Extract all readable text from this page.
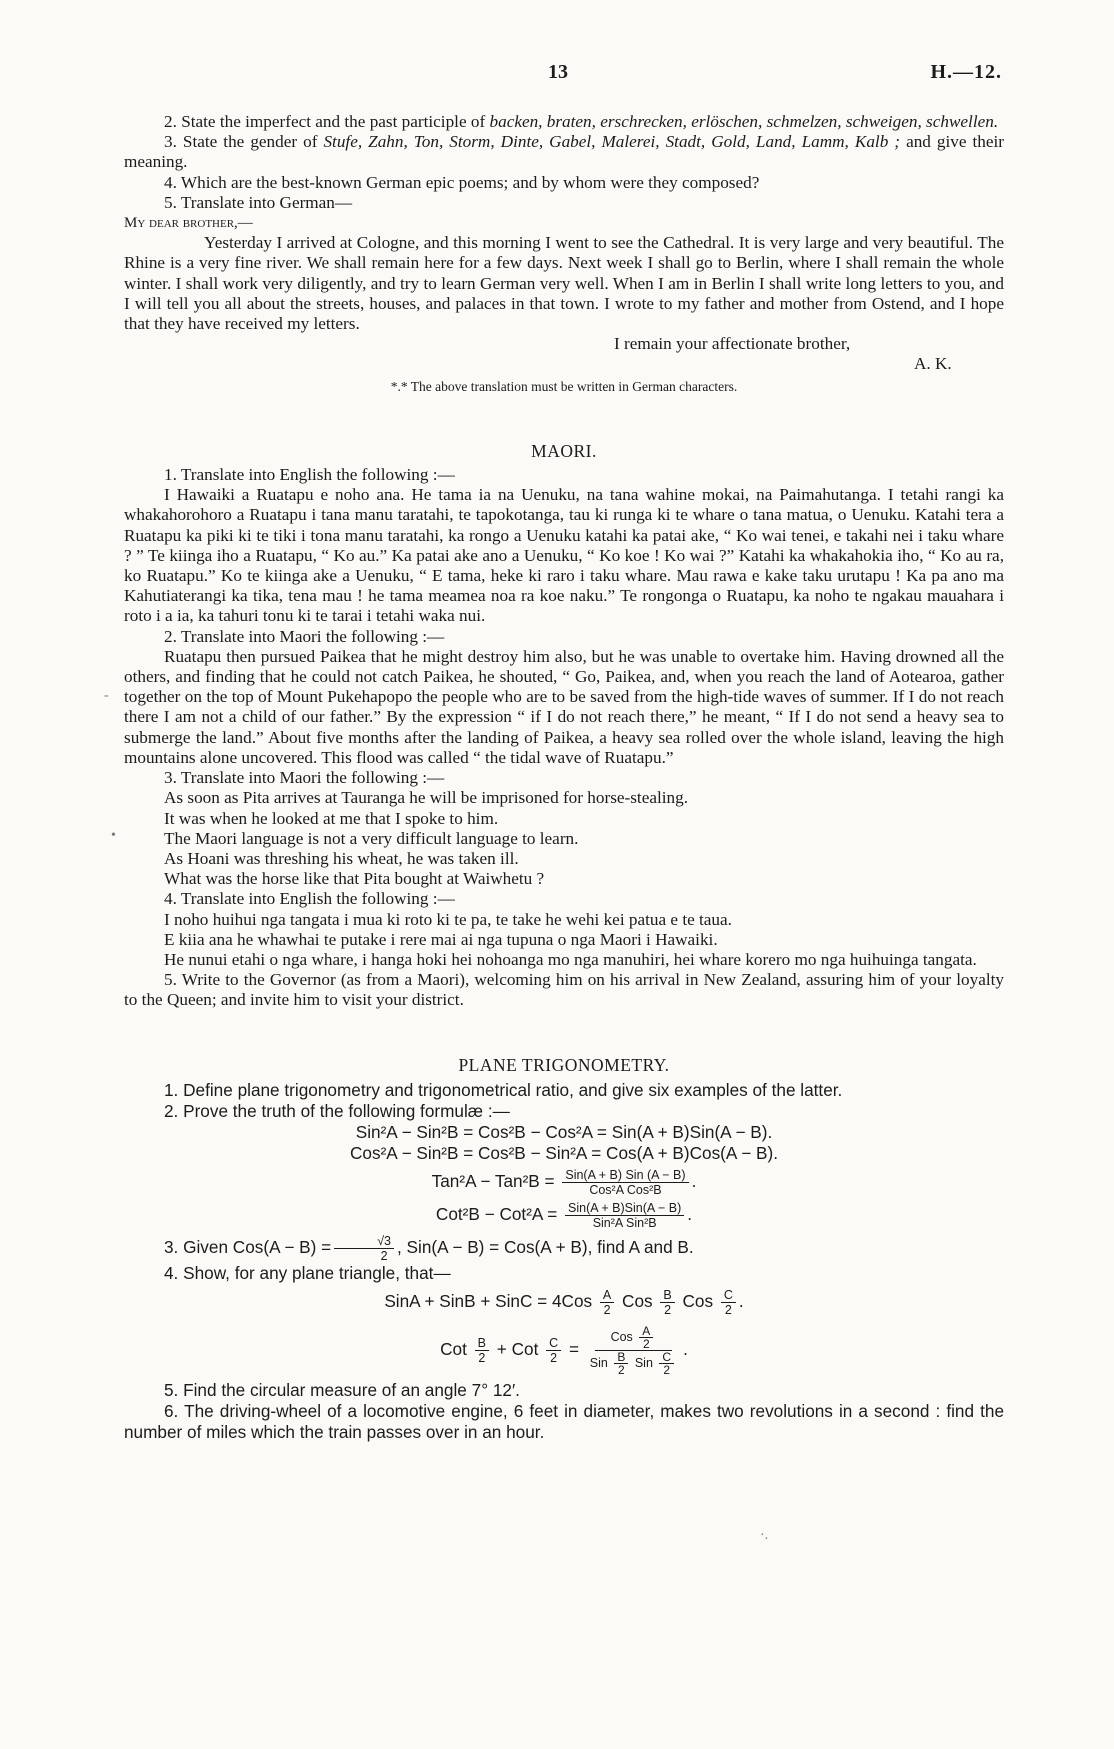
13	H.—12.
-
•
·.

2. State the imperfect and the past participle of backen, braten, erschrecken, erlöschen, schmelzen, schweigen, schwellen.

3. State the gender of Stufe, Zahn, Ton, Storm, Dinte, Gabel, Malerei, Stadt, Gold, Land, Lamm, Kalb ; and give their meaning.

4. Which are the best-known German epic poems; and by whom were they composed?

5. Translate into German—

My dear brother,—

Yesterday I arrived at Cologne, and this morning I went to see the Cathedral. It is very large and very beautiful. The Rhine is a very fine river. We shall remain here for a few days. Next week I shall go to Berlin, where I shall remain the whole winter. I shall work very diligently, and try to learn German very well. When I am in Berlin I shall write long letters to you, and I will tell you all about the streets, houses, and palaces in that town. I wrote to my father and mother from Ostend, and I hope that they have received my letters.

I remain your affectionate brother,

A. K.

*.* The above translation must be written in German characters.

MAORI.

1. Translate into English the following :—

I Hawaiki a Ruatapu e noho ana. He tama ia na Uenuku, na tana wahine mokai, na Paimahutanga. I tetahi rangi ka whakahorohoro a Ruatapu i tana manu taratahi, te tapokotanga, tau ki runga ki te whare o tana matua, o Uenuku. Katahi tera a Ruatapu ka piki ki te tiki i tona manu taratahi, ka rongo a Uenuku katahi ka patai ake, “ Ko wai tenei, e takahi nei i taku whare ? ” Te kiinga iho a Ruatapu, “ Ko au.” Ka patai ake ano a Uenuku, “ Ko koe ! Ko wai ?” Katahi ka whakahokia iho, “ Ko au ra, ko Ruatapu.” Ko te kiinga ake a Uenuku, “ E tama, heke ki raro i taku whare. Mau rawa e kake taku urutapu ! Ka pa ano ma Kahutiaterangi ka tika, tena mau ! he tama meamea noa ra koe naku.” Te rongonga o Ruatapu, ka noho te ngakau mauahara i roto i a ia, ka tahuri tonu ki te tarai i tetahi waka nui.

2. Translate into Maori the following :—

Ruatapu then pursued Paikea that he might destroy him also, but he was unable to overtake him. Having drowned all the others, and finding that he could not catch Paikea, he shouted, “ Go, Paikea, and, when you reach the land of Aotearoa, gather together on the top of Mount Pukehapopo the people who are to be saved from the high-tide waves of summer. If I do not reach there I am not a child of our father.” By the expression “ if I do not reach there,” he meant, “ If I do not send a heavy sea to submerge the land.” About five months after the landing of Paikea, a heavy sea rolled over the whole island, leaving the high mountains alone uncovered. This flood was called “ the tidal wave of Ruatapu.”

3. Translate into Maori the following :—

As soon as Pita arrives at Tauranga he will be imprisoned for horse-stealing.

It was when he looked at me that I spoke to him.

The Maori language is not a very difficult language to learn.

As Hoani was threshing his wheat, he was taken ill.

What was the horse like that Pita bought at Waiwhetu ?

4. Translate into English the following :—

I noho huihui nga tangata i mua ki roto ki te pa, te take he wehi kei patua e te taua.

E kiia ana he whawhai te putake i rere mai ai nga tupuna o nga Maori i Hawaiki.

He nunui etahi o nga whare, i hanga hoki hei nohoanga mo nga manuhiri, hei whare korero mo nga huihuinga tangata.

5. Write to the Governor (as from a Maori), welcoming him on his arrival in New Zealand, assuring him of your loyalty to the Queen; and invite him to visit your district.

PLANE TRIGONOMETRY.

1. Define plane trigonometry and trigonometrical ratio, and give six examples of the latter.

2. Prove the truth of the following formulæ :—

Sin²A − Sin²B = Cos²B − Cos²A = Sin(A + B)Sin(A − B).

Cos²A − Sin²B = Cos²B − Sin²A = Cos(A + B)Cos(A − B).

Tan²A − Tan²B = Sin(A + B) Sin (A − B)
Cos²A Cos²B .
Cot²B − Cot²A = Sin(A + B)Sin(A − B)
Sin²A Sin²B .

3. Given $Cos(A - B) = \frac{√3}{2}$ , Sin(A − B) = Cos(A + B), find A and B.

4. Show, for any plane triangle, that—

SinA + SinB + SinC = $4Cos \frac{A}{2}$ Cos $\frac{B}{2}$ Cos $\frac{C}{2}$ .
Cot $\frac{B}{2}$ + Cot $\frac{C}{2}$ =
Cos $\frac{A}{2}$
Sin $\frac{B}{2}$ Sin $\frac{C}{2}$
.

5. Find the circular measure of an angle 7° 12′.

6. The driving-wheel of a locomotive engine, 6 feet in diameter, makes two revolutions in a second : find the number of miles which the train passes over in an hour.
